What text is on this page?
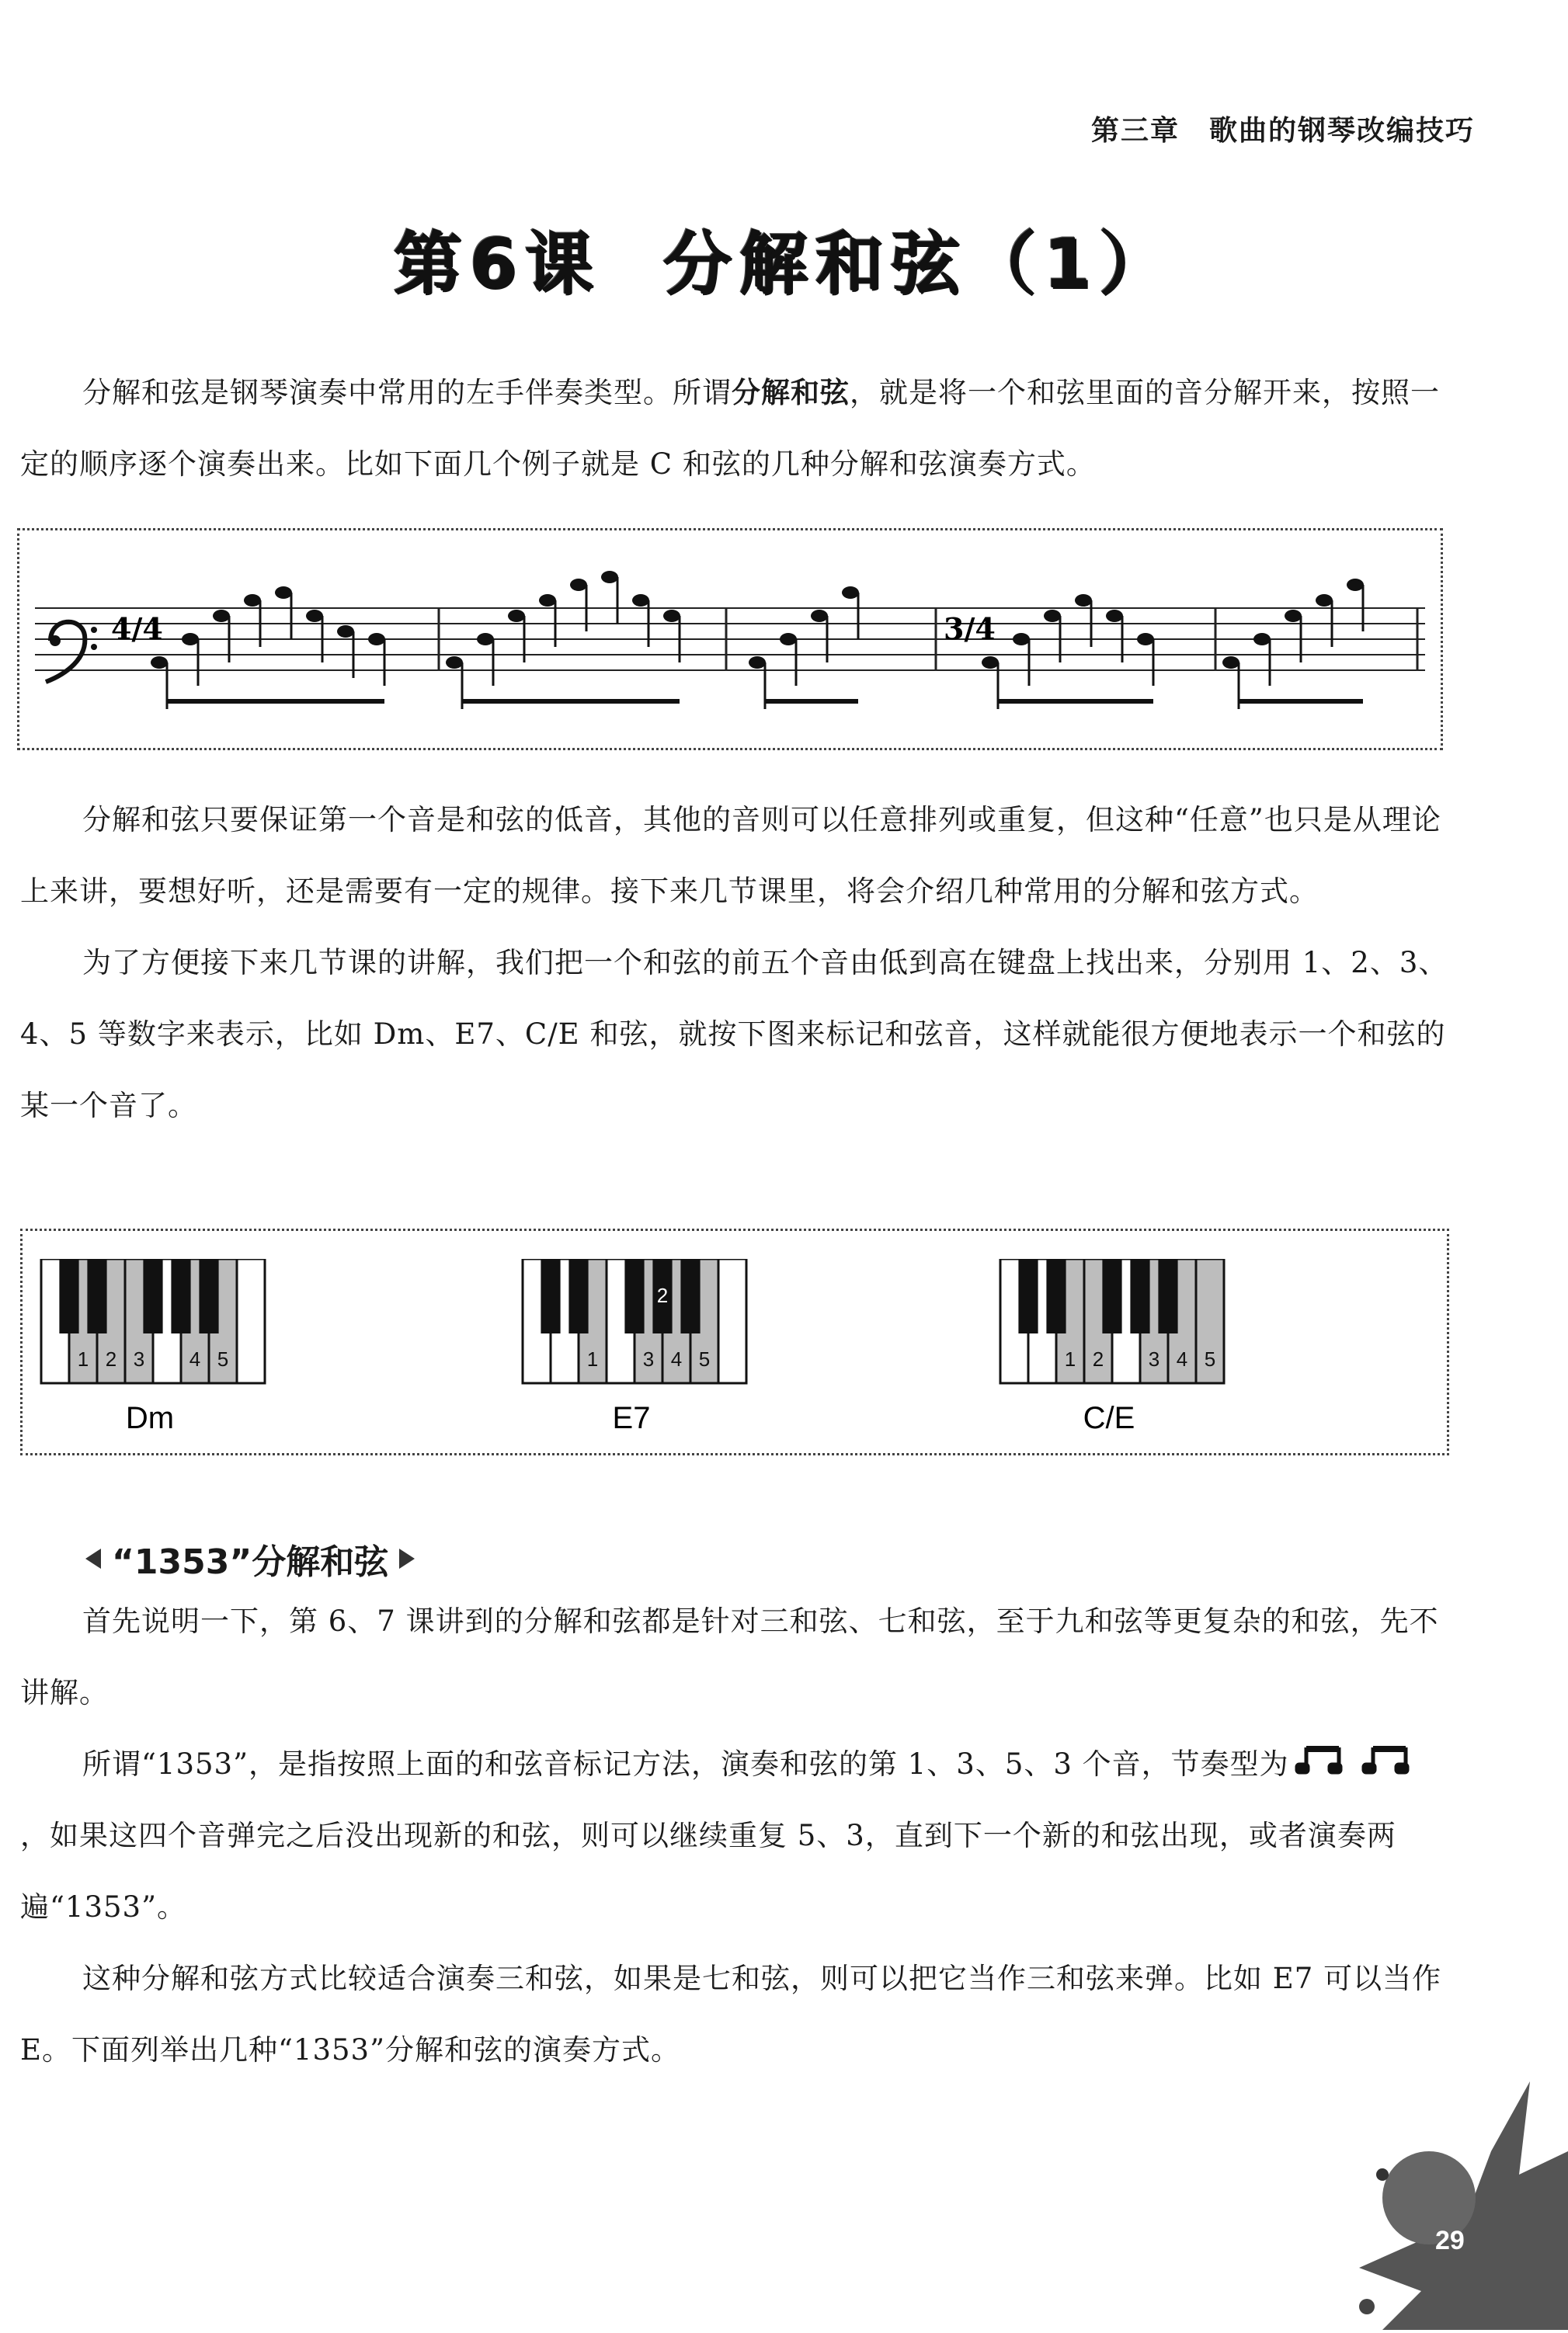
第三章　歌曲的钢琴改编技巧
第6课 分解和弦（1）

分解和弦是钢琴演奏中常用的左手伴奏类型。所谓分解和弦，就是将一个和弦里面的音分解开来，按照一定的顺序逐个演奏出来。比如下面几个例子就是 C 和弦的几种分解和弦演奏方式。

4/4	3/4

分解和弦只要保证第一个音是和弦的低音，其他的音则可以任意排列或重复，但这种“任意”也只是从理论上来讲，要想好听，还是需要有一定的规律。接下来几节课里，将会介绍几种常用的分解和弦方式。

为了方便接下来几节课的讲解，我们把一个和弦的前五个音由低到高在键盘上找出来，分别用 1、2、3、4、5 等数字来表示，比如 Dm、E7、C/E 和弦，就按下图来标记和弦音，这样就能很方便地表示一个和弦的某一个音了。

1 2 3 4 5
Dm
1
2
3 4 5
E7
1 2 3 4 5
C/E
“1353”分解和弦

首先说明一下，第 6、7 课讲到的分解和弦都是针对三和弦、七和弦，至于九和弦等更复杂的和弦，先不讲解。

所谓“1353”，是指按照上面的和弦音标记方法，演奏和弦的第 1、3、5、3 个音，节奏型为，如果这四个音弹完之后没出现新的和弦，则可以继续重复 5、3，直到下一个新的和弦出现，或者演奏两遍“1353”。

这种分解和弦方式比较适合演奏三和弦，如果是七和弦，则可以把它当作三和弦来弹。比如 E7 可以当作 E。下面列举出几种“1353”分解和弦的演奏方式。

29
